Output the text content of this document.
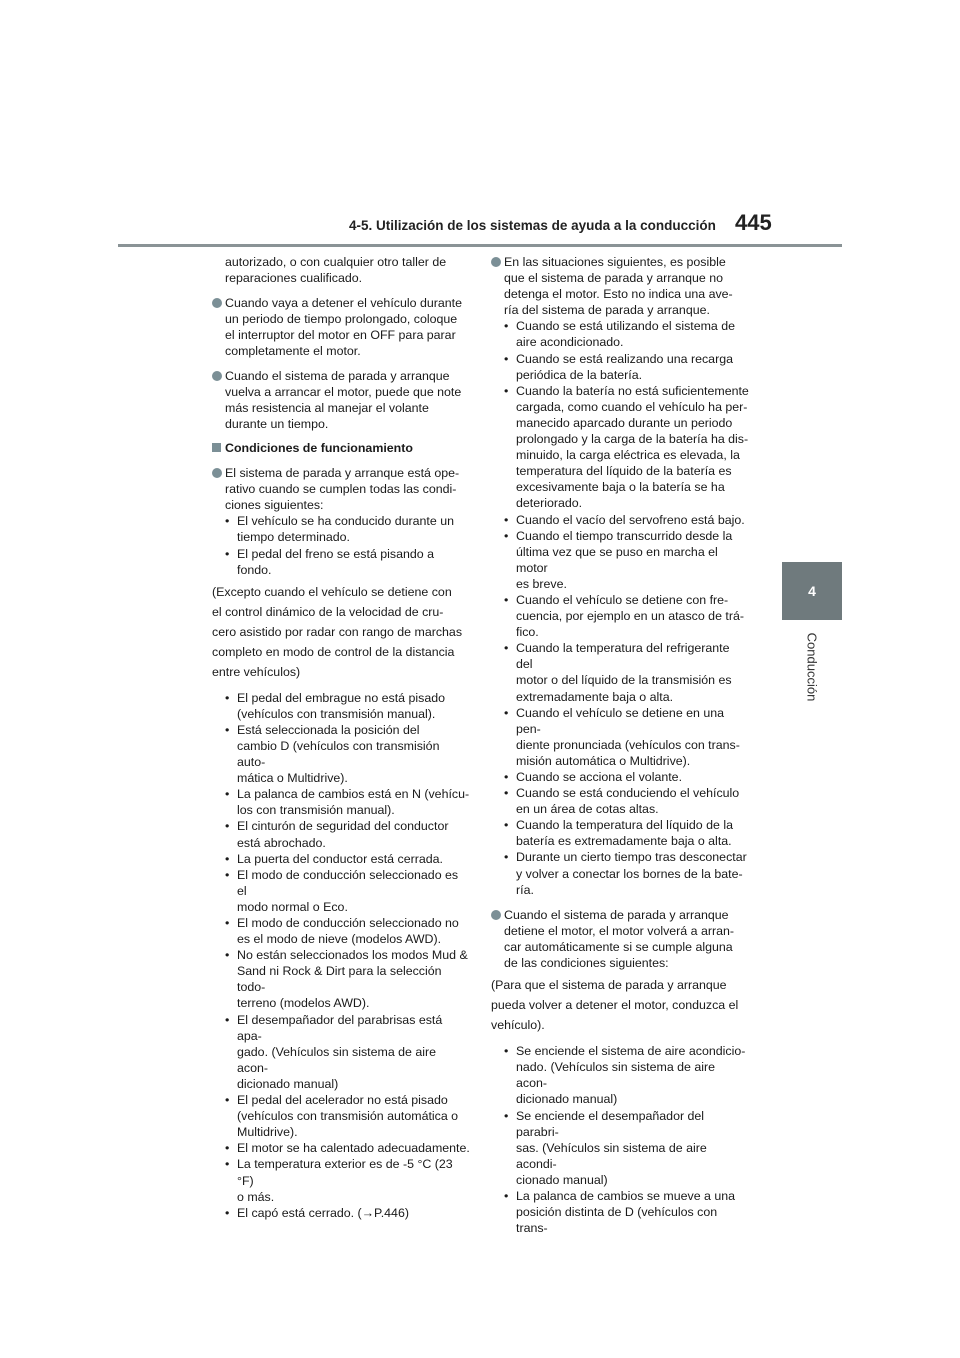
4-5. Utilización de los sistemas de ayuda a la conducción 445
4
Conducción
autorizado, o con cualquier otro taller de
reparaciones cualificado.
Cuando vaya a detener el vehículo durante
un periodo de tiempo prolongado, coloque
el interruptor del motor en OFF para parar
completamente el motor.
Cuando el sistema de parada y arranque
vuelva a arrancar el motor, puede que note
más resistencia al manejar el volante
durante un tiempo.
Condiciones de funcionamiento
El sistema de parada y arranque está ope-
rativo cuando se cumplen todas las condi-
ciones siguientes:
• El vehículo se ha conducido durante un
tiempo determinado.
• El pedal del freno se está pisando a fondo.

(Excepto cuando el vehículo se detiene con

el control dinámico de la velocidad de cru-

cero asistido por radar con rango de marchas

completo en modo de control de la distancia

entre vehículos)

• El pedal del embrague no está pisado
(vehículos con transmisión manual).
• Está seleccionada la posición del
cambio D (vehículos con transmisión auto-
mática o Multidrive).
• La palanca de cambios está en N (vehícu-
los con transmisión manual).
• El cinturón de seguridad del conductor
está abrochado.
• La puerta del conductor está cerrada.
• El modo de conducción seleccionado es el
modo normal o Eco.
• El modo de conducción seleccionado no
es el modo de nieve (modelos AWD).
• No están seleccionados los modos Mud &
Sand ni Rock & Dirt para la selección todo-
terreno (modelos AWD).
• El desempañador del parabrisas está apa-
gado. (Vehículos sin sistema de aire acon-
dicionado manual)
• El pedal del acelerador no está pisado
(vehículos con transmisión automática o
Multidrive).
• El motor se ha calentado adecuadamente.
• La temperatura exterior es de -5 °C (23 °F)
o más.
• El capó está cerrado. (→P.446)
En las situaciones siguientes, es posible
que el sistema de parada y arranque no
detenga el motor. Esto no indica una ave-
ría del sistema de parada y arranque.
• Cuando se está utilizando el sistema de
aire acondicionado.
• Cuando se está realizando una recarga
periódica de la batería.
• Cuando la batería no está suficientemente
cargada, como cuando el vehículo ha per-
manecido aparcado durante un periodo
prolongado y la carga de la batería ha dis-
minuido, la carga eléctrica es elevada, la
temperatura del líquido de la batería es
excesivamente baja o la batería se ha
deteriorado.
• Cuando el vacío del servofreno está bajo.
• Cuando el tiempo transcurrido desde la
última vez que se puso en marcha el motor
es breve.
• Cuando el vehículo se detiene con fre-
cuencia, por ejemplo en un atasco de trá-
fico.
• Cuando la temperatura del refrigerante del
motor o del líquido de la transmisión es
extremadamente baja o alta.
• Cuando el vehículo se detiene en una pen-
diente pronunciada (vehículos con trans-
misión automática o Multidrive).
• Cuando se acciona el volante.
• Cuando se está conduciendo el vehículo
en un área de cotas altas.
• Cuando la temperatura del líquido de la
batería es extremadamente baja o alta.
• Durante un cierto tiempo tras desconectar
y volver a conectar los bornes de la bate-
ría.
Cuando el sistema de parada y arranque
detiene el motor, el motor volverá a arran-
car automáticamente si se cumple alguna
de las condiciones siguientes:

(Para que el sistema de parada y arranque

pueda volver a detener el motor, conduzca el

vehículo).

• Se enciende el sistema de aire acondicio-
nado. (Vehículos sin sistema de aire acon-
dicionado manual)
• Se enciende el desempañador del parabri-
sas. (Vehículos sin sistema de aire acondi-
cionado manual)
• La palanca de cambios se mueve a una
posición distinta de D (vehículos con trans-
